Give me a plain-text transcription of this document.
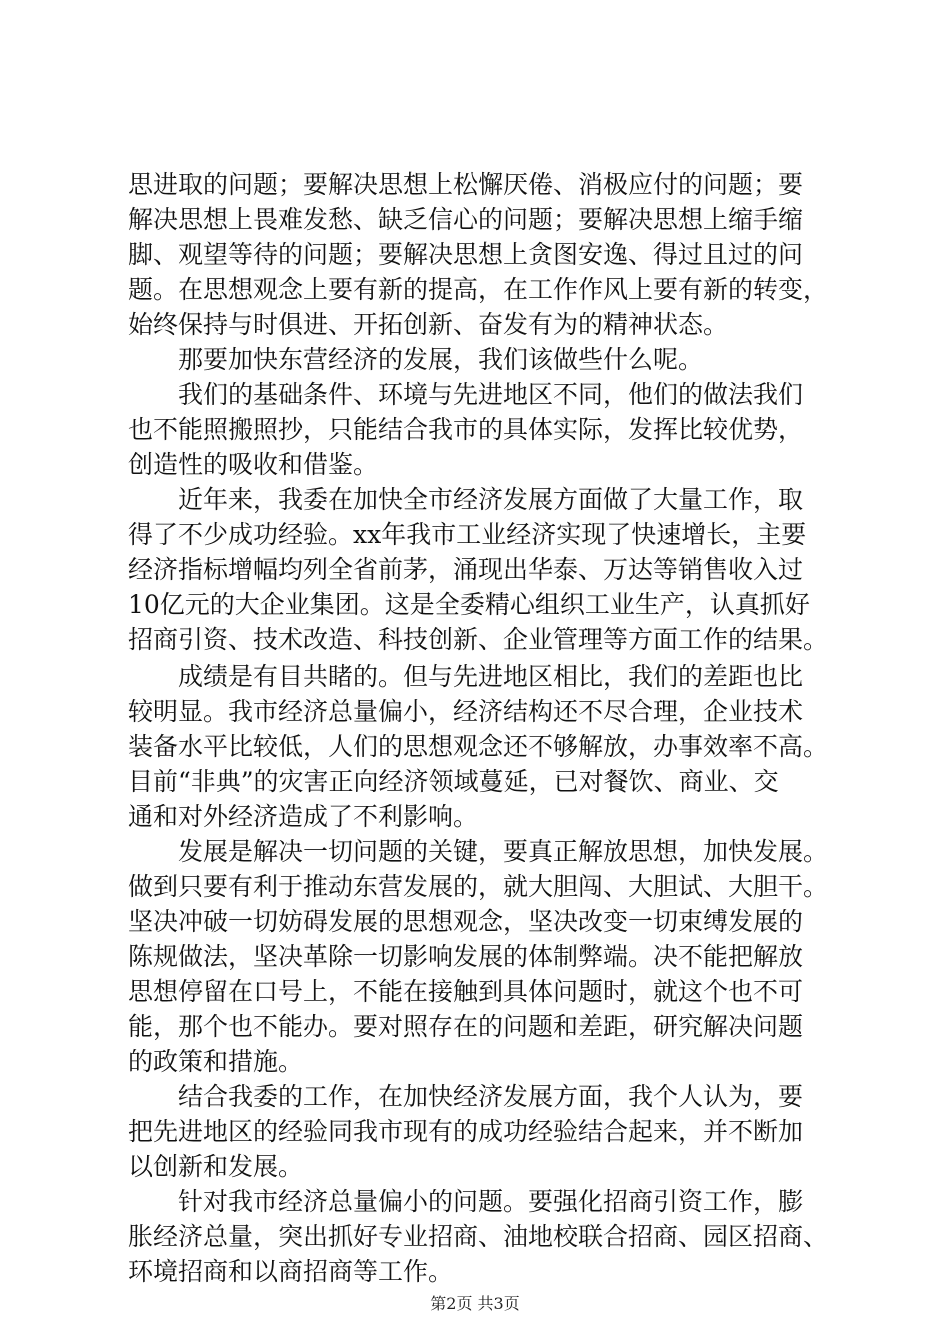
思进取的问题；要解决思想上松懈厌倦、消极应付的问题；要
解决思想上畏难发愁、缺乏信心的问题；要解决思想上缩手缩
脚、观望等待的问题；要解决思想上贪图安逸、得过且过的问
题。在思想观念上要有新的提高，在工作作风上要有新的转变，
始终保持与时俱进、开拓创新、奋发有为的精神状态。
那要加快东营经济的发展，我们该做些什么呢。
我们的基础条件、环境与先进地区不同，他们的做法我们
也不能照搬照抄，只能结合我市的具体实际，发挥比较优势，
创造性的吸收和借鉴。
近年来，我委在加快全市经济发展方面做了大量工作，取
得了不少成功经验。xx年我市工业经济实现了快速增长，主要
经济指标增幅均列全省前茅，涌现出华泰、万达等销售收入过
10亿元的大企业集团。这是全委精心组织工业生产，认真抓好
招商引资、技术改造、科技创新、企业管理等方面工作的结果。
成绩是有目共睹的。但与先进地区相比，我们的差距也比
较明显。我市经济总量偏小，经济结构还不尽合理，企业技术
装备水平比较低，人们的思想观念还不够解放，办事效率不高。
目前“非典”的灾害正向经济领域蔓延，已对餐饮、商业、交
通和对外经济造成了不利影响。
发展是解决一切问题的关键，要真正解放思想，加快发展。
做到只要有利于推动东营发展的，就大胆闯、大胆试、大胆干。
坚决冲破一切妨碍发展的思想观念，坚决改变一切束缚发展的
陈规做法，坚决革除一切影响发展的体制弊端。决不能把解放
思想停留在口号上，不能在接触到具体问题时，就这个也不可
能，那个也不能办。要对照存在的问题和差距，研究解决问题
的政策和措施。
结合我委的工作，在加快经济发展方面，我个人认为，要
把先进地区的经验同我市现有的成功经验结合起来，并不断加
以创新和发展。
针对我市经济总量偏小的问题。要强化招商引资工作，膨
胀经济总量，突出抓好专业招商、油地校联合招商、园区招商、
环境招商和以商招商等工作。
第2页 共3页
